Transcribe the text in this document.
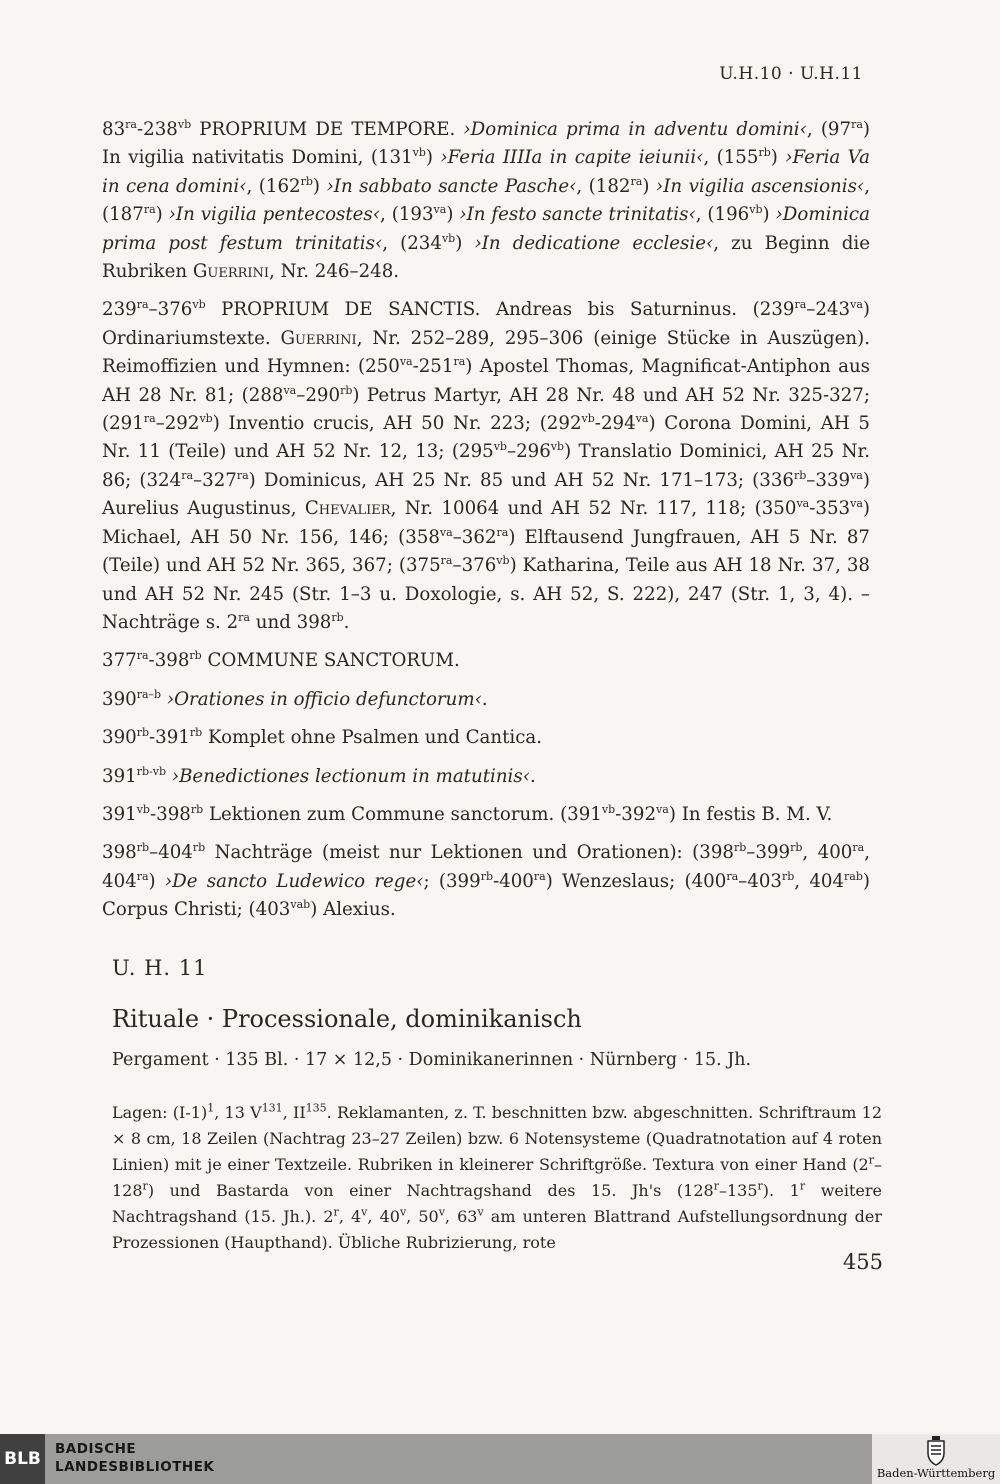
U.H.10 · U.H.11

$83^{ra}-238^{vb}$ PROPRIUM DE TEMPORE. ›Dominica prima in adventu domini‹, $(97^{ra})$ In vigilia nativitatis Domini, $(131^{vb})$ ›Feria IIIIa in capite ieiunii‹, $(155^{rb})$ ›Feria Va in cena domini‹, $(162^{rb})$ ›In sabbato sancte Pasche‹, $(182^{ra})$ ›In vigilia ascensionis‹, $(187^{ra})$ ›In vigilia pentecostes‹, $(193^{va})$ ›In festo sancte trinitatis‹, $(196^{vb})$ ›Dominica prima post festum trinitatis‹, $(234^{vb})$ ›In dedicatione ecclesie‹, zu Beginn die Rubriken Guerrini, Nr. 246–248.

$239^{ra}-376^{vb}$ PROPRIUM DE SANCTIS. Andreas bis Saturninus. $(239^{ra}-243^{va})$ Ordinariumstexte. Guerrini, Nr. 252–289, 295–306 (einige Stücke in Auszügen). Reimoffizien und Hymnen: $(250^{va}-251^{ra})$ Apostel Thomas, Magnificat-Antiphon aus AH 28 Nr. 81; $(288^{va}-290^{rb})$ Petrus Martyr, AH 28 Nr. 48 und AH 52 Nr. 325-327; $(291^{ra}-292^{vb})$ Inventio crucis, AH 50 Nr. 223; $(292^{vb}-294^{va})$ Corona Domini, AH 5 Nr. 11 (Teile) und AH 52 Nr. 12, 13; $(295^{vb}-296^{vb})$ Translatio Dominici, AH 25 Nr. 86; $(324^{ra}-327^{ra})$ Dominicus, AH 25 Nr. 85 und AH 52 Nr. 171–173; $(336^{rb}-339^{va})$ Aurelius Augustinus, Chevalier, Nr. 10064 und AH 52 Nr. 117, 118; $(350^{va}-353^{va})$ Michael, AH 50 Nr. 156, 146; $(358^{va}-362^{ra})$ Elftausend Jungfrauen, AH 5 Nr. 87 (Teile) und AH 52 Nr. 365, 367; $(375^{ra}-376^{vb})$ Katharina, Teile aus AH 18 Nr. 37, 38 und AH 52 Nr. 245 (Str. 1–3 u. Doxologie, s. AH 52, S. 222), 247 (Str. 1, 3, 4). – Nachträge s. $2^{ra}$ und $398^{rb}$.

$377^{ra}-398^{rb}$ COMMUNE SANCTORUM.

$390^{ra-b}$ ›Orationes in officio defunctorum‹.

$390^{rb}-391^{rb}$ Komplet ohne Psalmen und Cantica.

$391^{rb-vb}$ ›Benedictiones lectionum in matutinis‹.

$391^{vb}-398^{rb}$ Lektionen zum Commune sanctorum. $(391^{vb}-392^{va})$ In festis B. M. V.

$398^{rb}-404^{rb}$ Nachträge (meist nur Lektionen und Orationen): ($398^{rb}-399^{rb}$, $400^{ra}$, $404^{ra}$) ›De sancto Ludewico rege‹; $(399^{rb}-400^{ra})$ Wenzeslaus; ($400^{ra}-403^{rb}$, $404^{rab}$) Corpus Christi; $(403^{vab})$ Alexius.

U. H. 11
Rituale · Processionale, dominikanisch
Pergament · 135 Bl. · 17 × 12,5 · Dominikanerinnen · Nürnberg · 15. Jh.
Lagen: $(I-1)^1$, 13 $V^{131}$, II$^{135}$. Reklamanten, z. T. beschnitten bzw. abgeschnitten. Schriftraum 12 × 8 cm, 18 Zeilen (Nachtrag 23–27 Zeilen) bzw. 6 Notensysteme (Quadratnotation auf 4 roten Linien) mit je einer Textzeile. Rubriken in kleinerer Schriftgröße. Textura von einer Hand (2$^r$–128$^r$) und Bastarda von einer Nachtragshand des 15. Jh's (128$^r$–135$^r$). 1$^r$ weitere Nachtragshand (15. Jh.). 2$^r$, 4$^v$, 40$^v$, 50$^v$, 63$^v$ am unteren Blattrand Aufstellungsordnung der Prozessionen (Haupthand). Übliche Rubrizierung, rote
455
BLB	BADISCHE
LANDESBIBLIOTHEK	Baden-Württemberg
